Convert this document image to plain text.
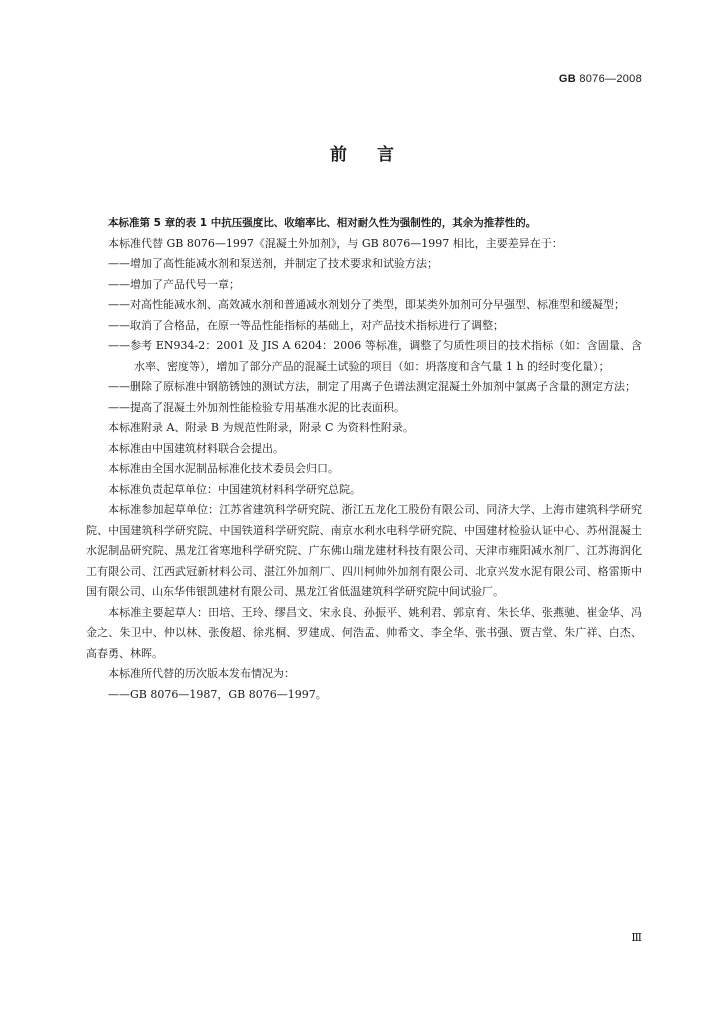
GB 8076—2008
前言

本标准第 5 章的表 1 中抗压强度比、收缩率比、相对耐久性为强制性的，其余为推荐性的。

本标准代替 GB 8076—1997《混凝土外加剂》，与 GB 8076—1997 相比，主要差异在于：

——增加了高性能减水剂和泵送剂，并制定了技术要求和试验方法；

——增加了产品代号一章；

——对高性能减水剂、高效减水剂和普通减水剂划分了类型，即某类外加剂可分早强型、标准型和缓凝型；

——取消了合格品，在原一等品性能指标的基础上，对产品技术指标进行了调整；

——参考 EN934-2：2001 及 JIS A 6204：2006 等标准，调整了匀质性项目的技术指标（如：含固量、含水率、密度等），增加了部分产品的混凝土试验的项目（如：坍落度和含气量 1 h 的经时变化量）；

——删除了原标准中钢筋锈蚀的测试方法，制定了用离子色谱法测定混凝土外加剂中氯离子含量的测定方法；

——提高了混凝土外加剂性能检验专用基准水泥的比表面积。

本标准附录 A、附录 B 为规范性附录，附录 C 为资料性附录。

本标准由中国建筑材料联合会提出。

本标准由全国水泥制品标准化技术委员会归口。

本标准负责起草单位：中国建筑材料科学研究总院。

本标准参加起草单位：江苏省建筑科学研究院、浙江五龙化工股份有限公司、同济大学、上海市建筑科学研究院、中国建筑科学研究院、中国铁道科学研究院、南京水利水电科学研究院、中国建材检验认证中心、苏州混凝土水泥制品研究院、黑龙江省寒地科学研究院、广东佛山瑞龙建材科技有限公司、天津市雍阳减水剂厂、江苏海润化工有限公司、江西武冠新材料公司、湛江外加剂厂、四川柯帅外加剂有限公司、北京兴发水泥有限公司、格雷斯中国有限公司、山东华伟银凯建材有限公司、黑龙江省低温建筑科学研究院中间试验厂。

本标准主要起草人：田培、王玲、缪昌文、宋永良、孙振平、姚利君、郭京育、朱长华、张燕驰、崔金华、冯金之、朱卫中、仲以林、张俊超、徐兆桐、罗建成、何浩孟、帅希文、李全华、张书强、贾吉堂、朱广祥、白杰、高春勇、林晖。

本标准所代替的历次版本发布情况为：

——GB 8076—1987，GB 8076—1997。

Ⅲ
